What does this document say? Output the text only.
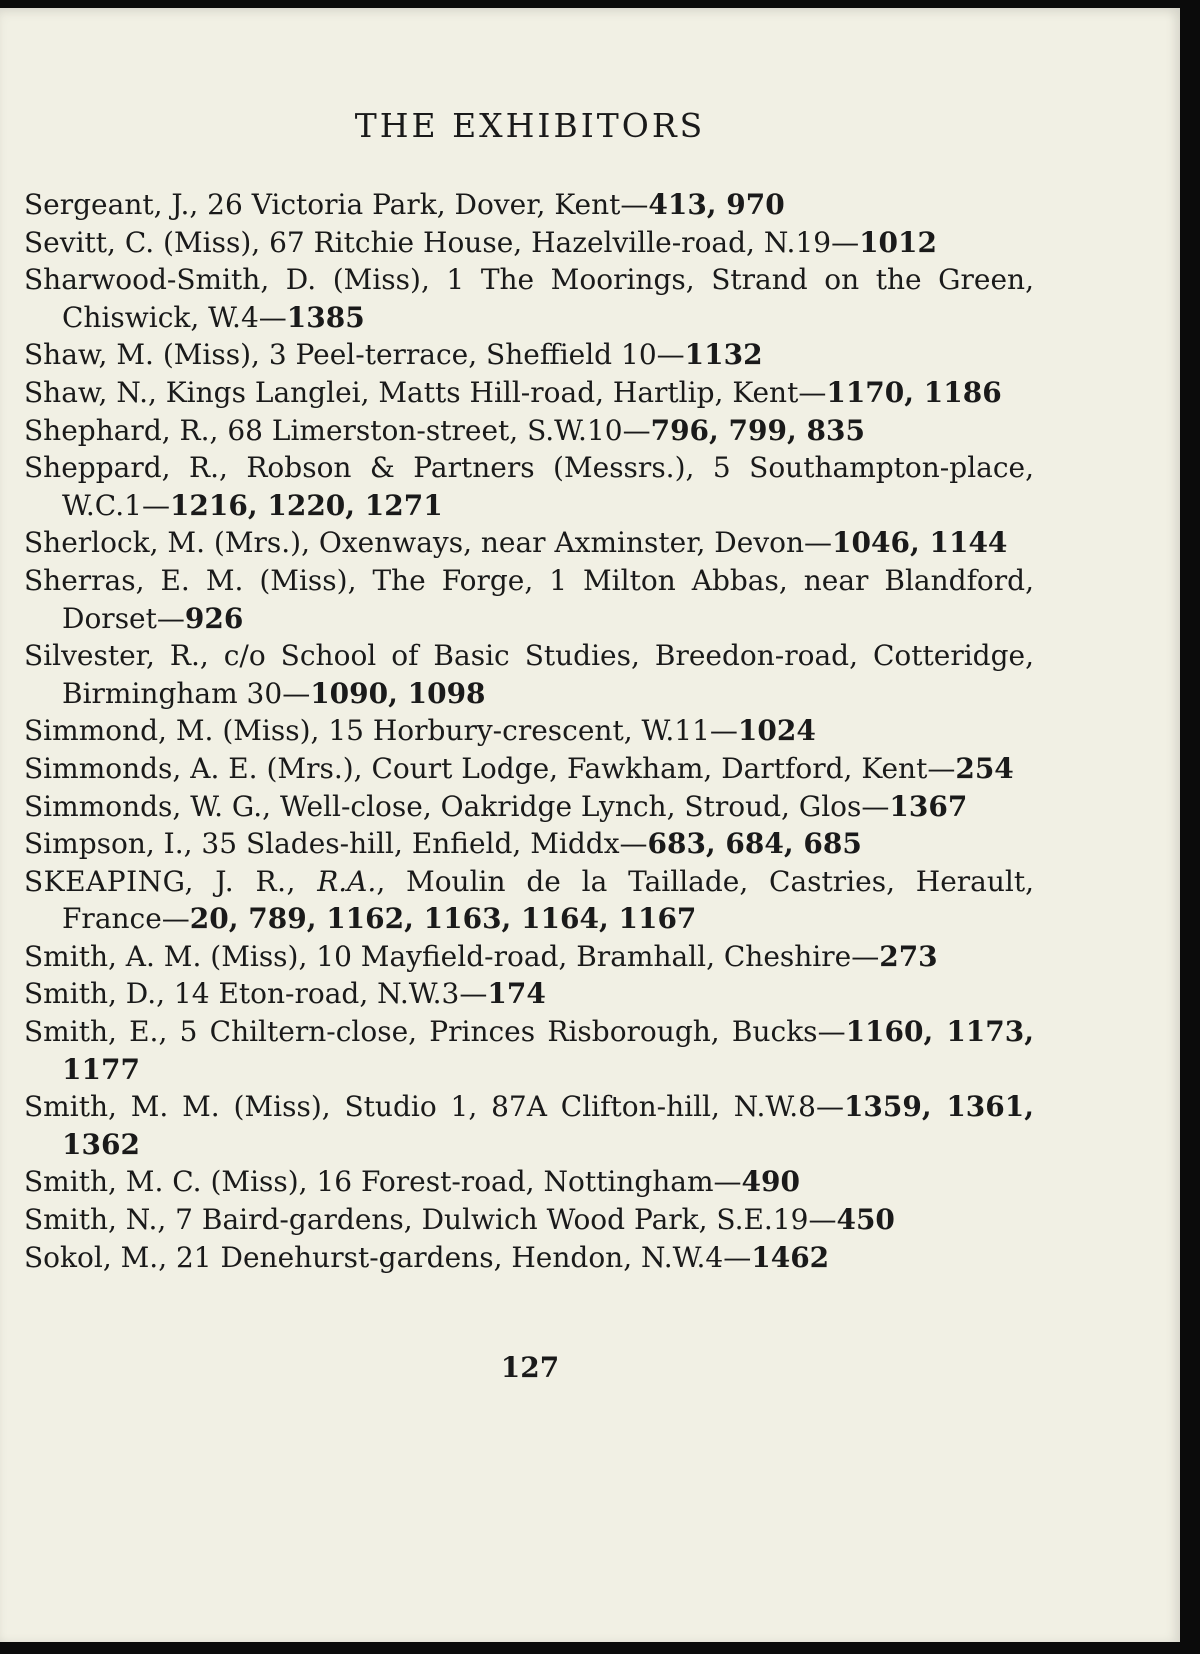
THE EXHIBITORS
Sergeant, J., 26 Victoria Park, Dover, Kent—413, 970
Sevitt, C. (Miss), 67 Ritchie House, Hazelville-road, N.19—1012
Sharwood-Smith, D. (Miss), 1 The Moorings, Strand on the Green, Chiswick, W.4—1385
Shaw, M. (Miss), 3 Peel-terrace, Sheffield 10—1132
Shaw, N., Kings Langlei, Matts Hill-road, Hartlip, Kent—1170, 1186
Shephard, R., 68 Limerston-street, S.W.10—796, 799, 835
Sheppard, R., Robson & Partners (Messrs.), 5 Southampton-place, W.C.1—1216, 1220, 1271
Sherlock, M. (Mrs.), Oxenways, near Axminster, Devon—1046, 1144
Sherras, E. M. (Miss), The Forge, 1 Milton Abbas, near Blandford, Dorset—926
Silvester, R., c/o School of Basic Studies, Breedon-road, Cotteridge, Birmingham 30—1090, 1098
Simmond, M. (Miss), 15 Horbury-crescent, W.11—1024
Simmonds, A. E. (Mrs.), Court Lodge, Fawkham, Dartford, Kent—254
Simmonds, W. G., Well-close, Oakridge Lynch, Stroud, Glos—1367
Simpson, I., 35 Slades-hill, Enfield, Middx—683, 684, 685
SKEAPING, J. R., R.A., Moulin de la Taillade, Castries, Herault, France—20, 789, 1162, 1163, 1164, 1167
Smith, A. M. (Miss), 10 Mayfield-road, Bramhall, Cheshire—273
Smith, D., 14 Eton-road, N.W.3—174
Smith, E., 5 Chiltern-close, Princes Risborough, Bucks—1160, 1173, 1177
Smith, M. M. (Miss), Studio 1, 87A Clifton-hill, N.W.8—1359, 1361, 1362
Smith, M. C. (Miss), 16 Forest-road, Nottingham—490
Smith, N., 7 Baird-gardens, Dulwich Wood Park, S.E.19—450
Sokol, M., 21 Denehurst-gardens, Hendon, N.W.4—1462
127
